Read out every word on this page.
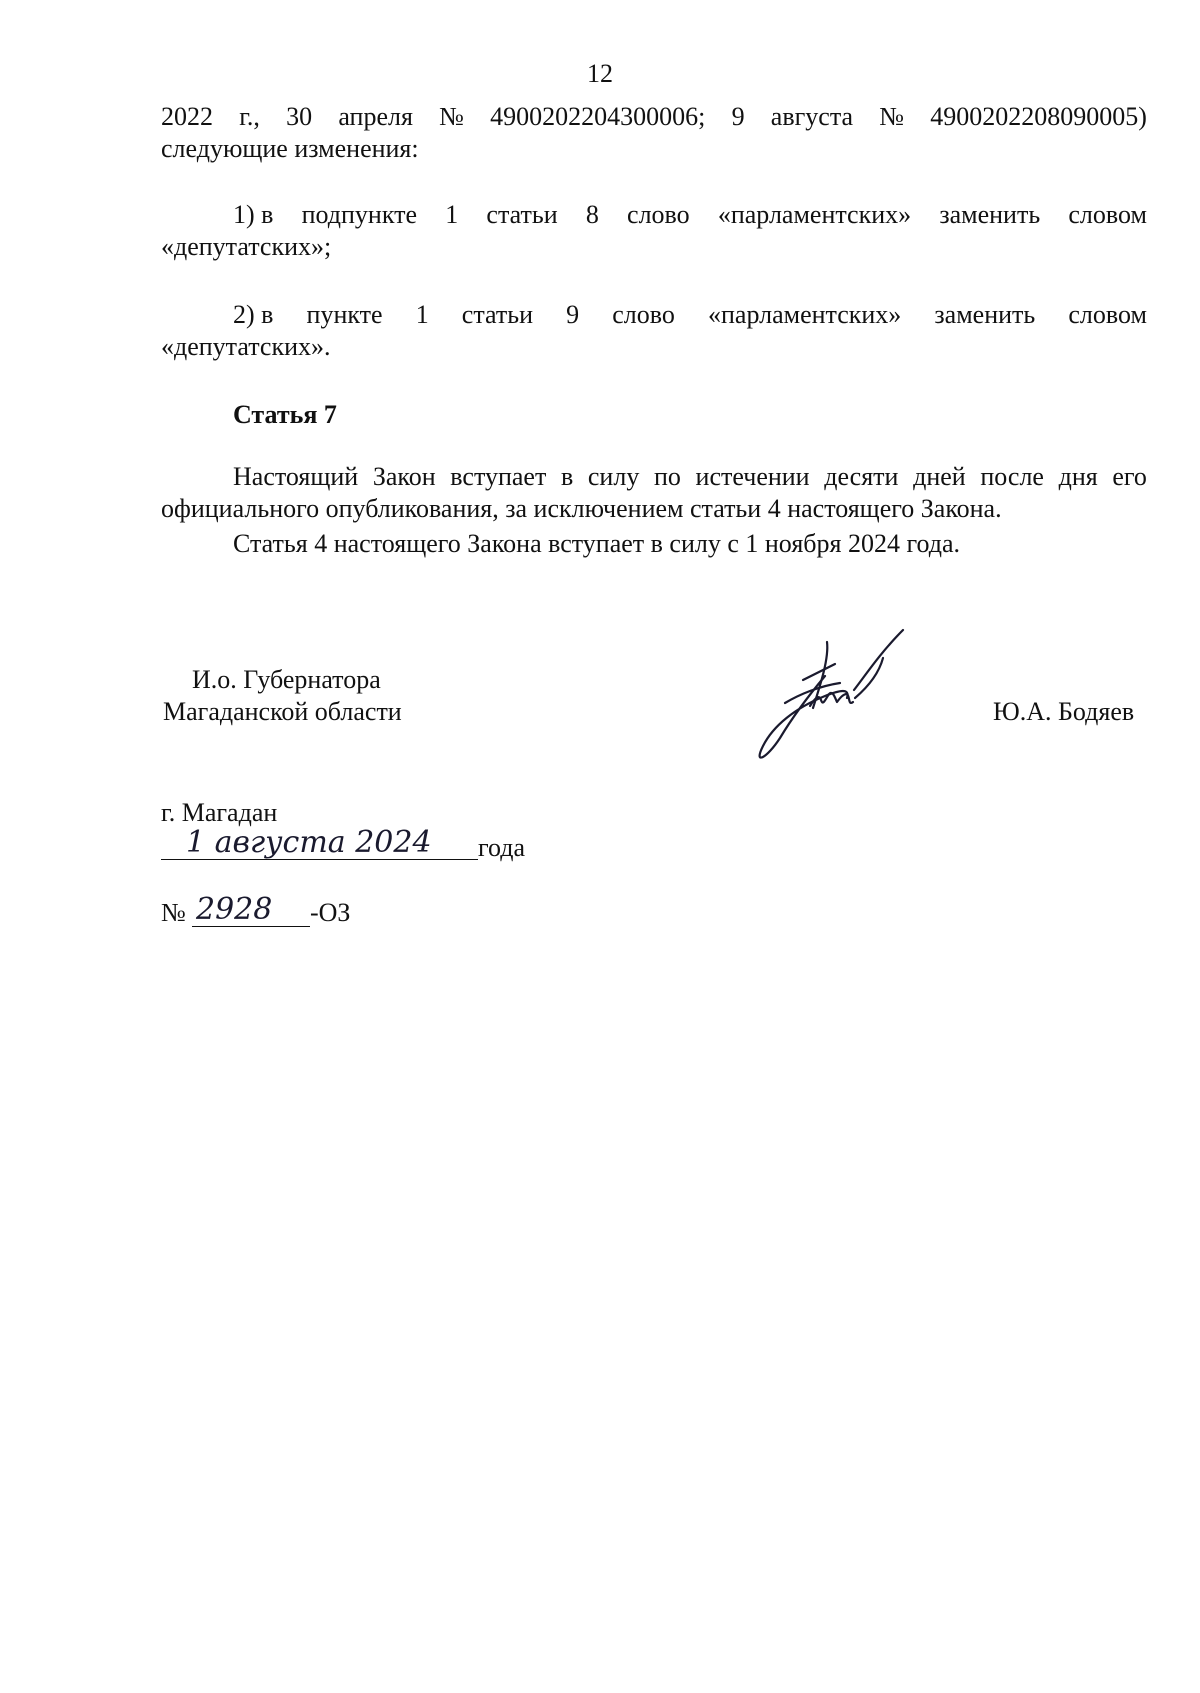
12
2022 г., 30 апреля № 4900202204300006; 9 августа № 4900202208090005)
следующие изменения:
1) в подпункте 1 статьи 8 слово «парламентских» заменить словом
«депутатских»;
2) в пункте 1 статьи 9 слово «парламентских» заменить словом
«депутатских».
Статья 7
Настоящий Закон вступает в силу по истечении десяти дней после дня его
официального опубликования, за исключением статьи 4 настоящего Закона.
Статья 4 настоящего Закона вступает в силу с 1 ноября 2024 года.
И.о. Губернатора
Магаданской области	Ю.А. Бодяев
г. Магадан
1 августа 2024 года
№ 2928 -ОЗ
